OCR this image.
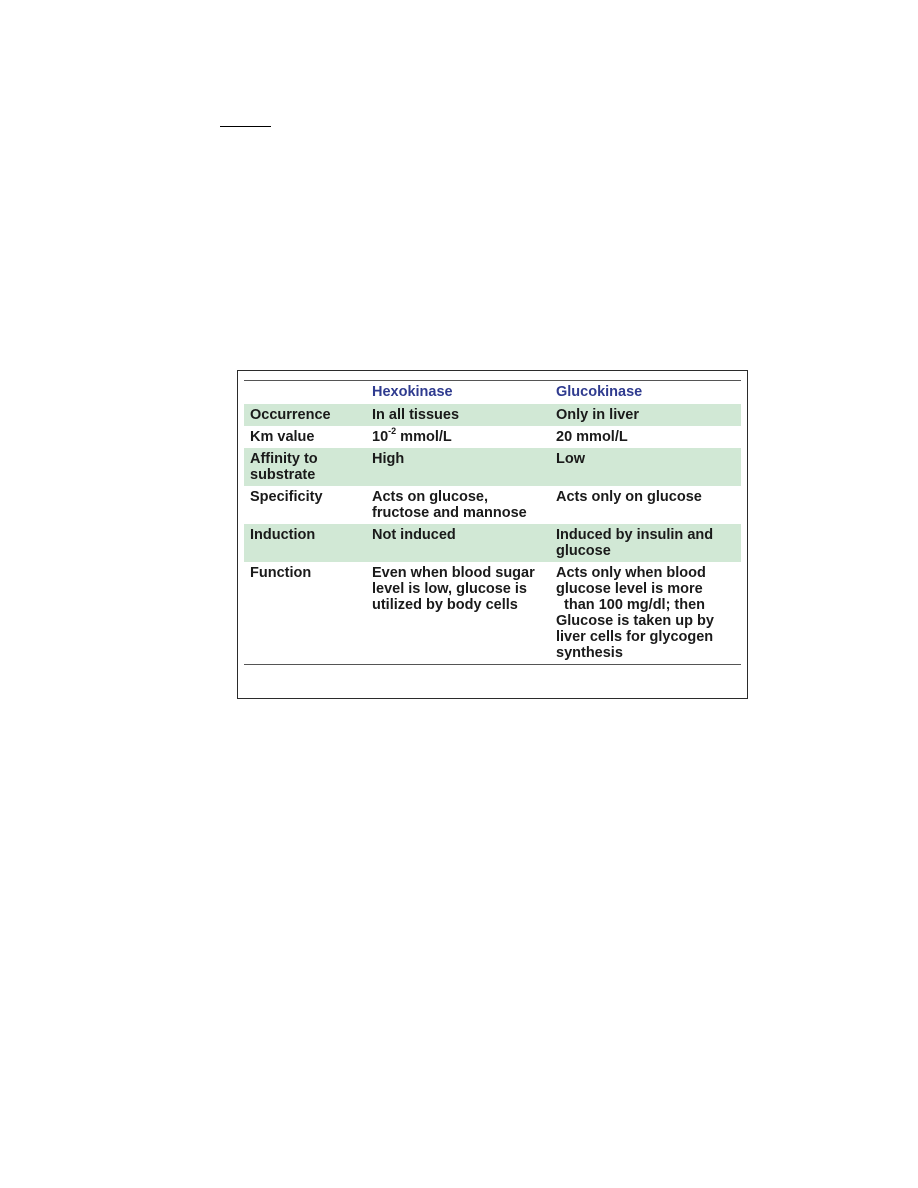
	Hexokinase	Glucokinase
Occurrence	In all tissues	Only in liver
Km value	$10^{-2}$ mmol/L	20 mmol/L
Affinity to substrate	High	Low
Specificity	Acts on glucose, fructose and mannose	Acts only on glucose
Induction	Not induced	Induced by insulin and glucose
Function	Even when blood sugar level is low, glucose is utilized by body cells	Acts only when blood glucose level is more   than 100 mg/dl; then Glucose is taken up by liver cells for glycogen synthesis
